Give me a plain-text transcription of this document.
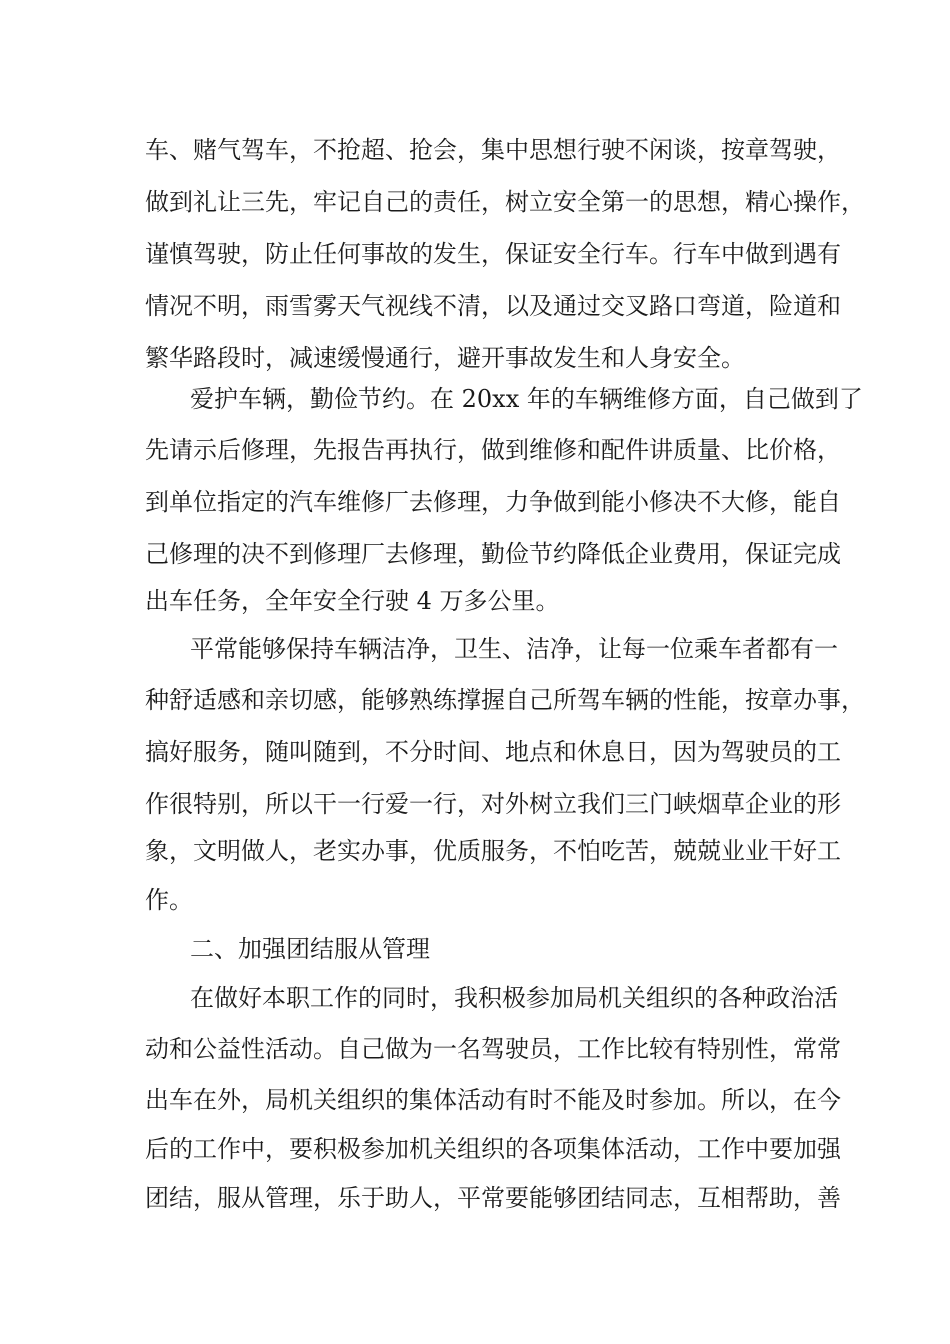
车、赌气驾车，不抢超、抢会，集中思想行驶不闲谈，按章驾驶，
做到礼让三先，牢记自己的责任，树立安全第一的思想，精心操作，
谨慎驾驶，防止任何事故的发生，保证安全行车。行车中做到遇有
情况不明，雨雪雾天气视线不清，以及通过交叉路口弯道，险道和
繁华路段时，减速缓慢通行，避开事故发生和人身安全。
爱护车辆，勤俭节约。在 20xx 年的车辆维修方面，自己做到了
先请示后修理，先报告再执行，做到维修和配件讲质量、比价格，
到单位指定的汽车维修厂去修理，力争做到能小修决不大修，能自
己修理的决不到修理厂去修理，勤俭节约降低企业费用，保证完成
出车任务，全年安全行驶 4 万多公里。
平常能够保持车辆洁净，卫生、洁净，让每一位乘车者都有一
种舒适感和亲切感，能够熟练撑握自己所驾车辆的性能，按章办事，
搞好服务，随叫随到，不分时间、地点和休息日，因为驾驶员的工
作很特别，所以干一行爱一行，对外树立我们三门峡烟草企业的形
象，文明做人，老实办事，优质服务，不怕吃苦，兢兢业业干好工
作。
二、加强团结服从管理
在做好本职工作的同时，我积极参加局机关组织的各种政治活
动和公益性活动。自己做为一名驾驶员，工作比较有特别性，常常
出车在外，局机关组织的集体活动有时不能及时参加。所以，在今
后的工作中，要积极参加机关组织的各项集体活动，工作中要加强
团结，服从管理，乐于助人，平常要能够团结同志，互相帮助，善
